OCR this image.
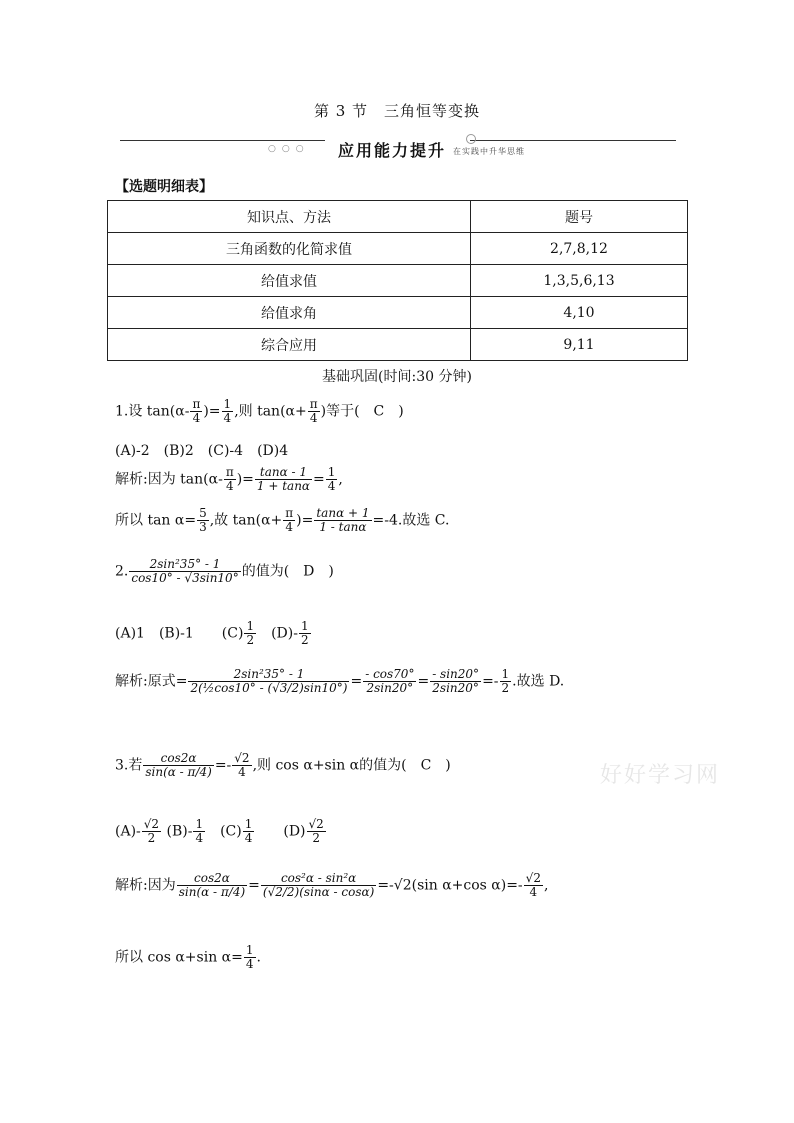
第 3 节　三角恒等变换
○○○ 应用能力提升 在实践中升华思维
【选题明细表】
知识点、方法	题号
三角函数的化简求值	2,7,8,12
给值求值	1,3,5,6,13
给值求角	4,10
综合应用	9,11
基础巩固(时间:30 分钟)
1.设 $\tan(\alpha- \frac{\pi}{4}$ )= $\frac{1}{4}$ ,则 $\tan(\alpha+ \frac{\pi}{4}$ )等于(　C　)
(A)-2　(B)2　(C)-4　(D)4
解析:因为 $\tan(\alpha- \frac{\pi}{4}$ )= $\frac{\tan\alpha - 1}{1 + \tan\alpha} = \frac{1}{4}$ ,
所以 $\tan \alpha= \frac{5}{3}$ ,故 $\tan(\alpha+ \frac{\pi}{4}$ )= $\frac{\tan\alpha + 1}{1 - \tan\alpha} =-4$.故选 C.
2. $\frac{\text{2sin²35° - 1}}{\cos 10^\circ - √3\sin 10^\circ}$ 的值为(　D　)
(A)1　(B)-1　　$(C) \frac{1}{2}$ 　$(D)- \frac{1}{2}$
解析:原式= $\frac{\text{2sin²35° - 1}}{\text{2(½cos10° - (√3/2)sin10°)}} = \frac{- \cos 70^\circ}{2\sin 20^\circ} = \frac{- \sin 20^\circ}{2\sin 20^\circ} =- \frac{1}{2}$ .故选 D.
3.若 $\frac{\cos 2\alpha}{\sin(\alpha - \pi/4)} =- \frac{√2}{4}$ ,则 cos α+sin α的值为(　C　)
$(A)- \frac{√2}{2} (B)- \frac{1}{4}$ 　$(C) \frac{1}{4}$ 　　$(D) \frac{√2}{2}$
解析:因为 $\frac{\cos 2\alpha}{\sin(\alpha - \pi/4)} = \frac{\text{cos²α - sin²α}}{(√2/2)(\sin\alpha - \cos\alpha)} =-√2(\sin$ α+cos $\alpha)=- \frac{√2}{4}$ ,
所以 cos α+sin $\alpha= \frac{1}{4}$ .
好好学习网
